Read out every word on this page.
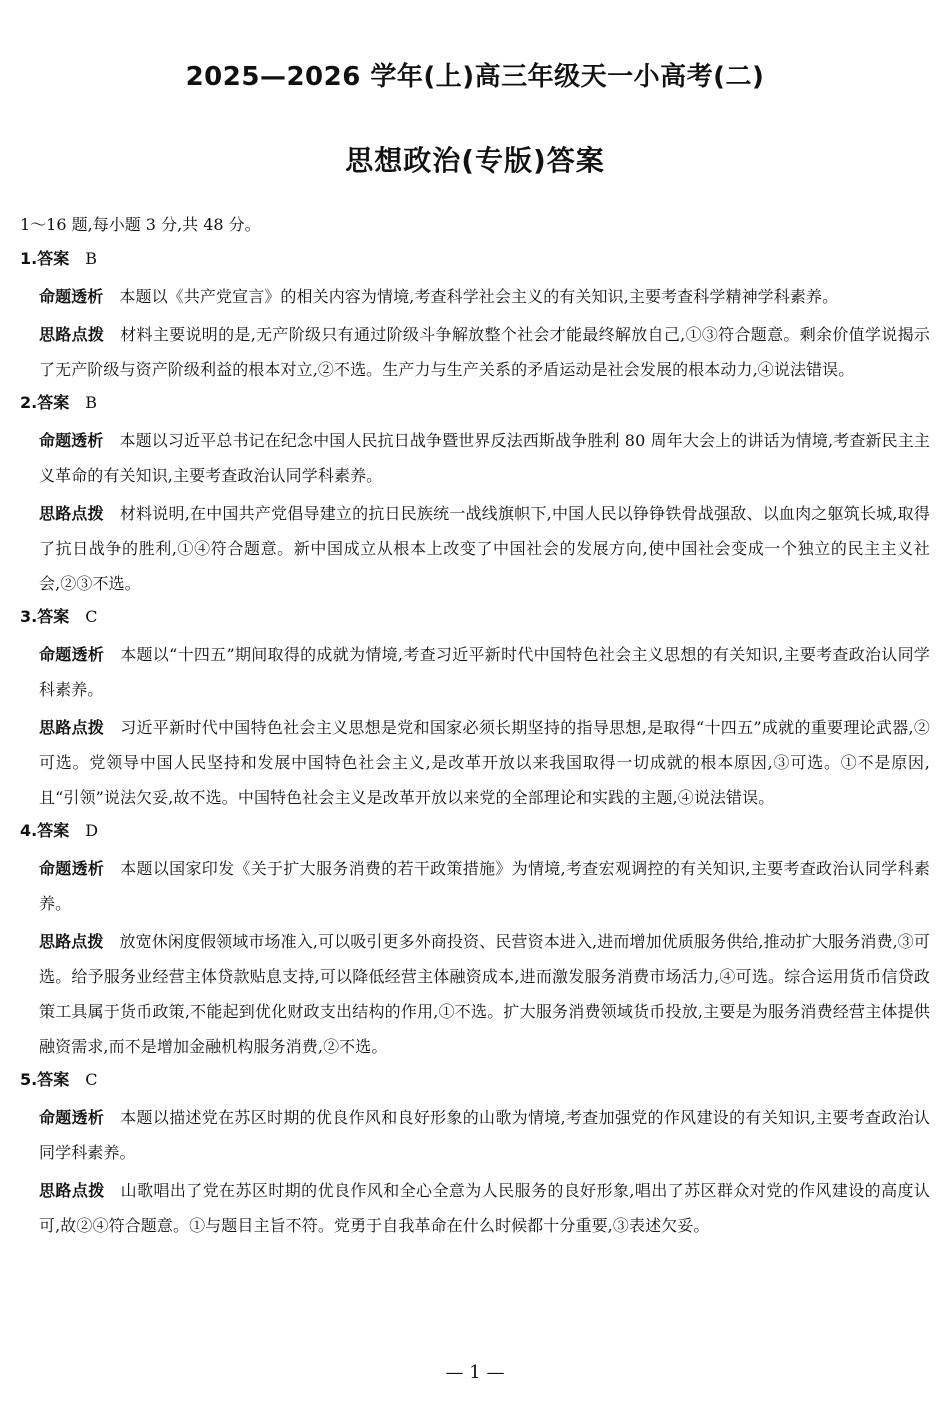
2025—2026 学年(上)高三年级天一小高考(二)
思想政治(专版)答案
1～16 题,每小题 3 分,共 48 分。
1.答案 B
命题透析 本题以《共产党宣言》的相关内容为情境,考查科学社会主义的有关知识,主要考查科学精神学科素养。
思路点拨 材料主要说明的是,无产阶级只有通过阶级斗争解放整个社会才能最终解放自己,①③符合题意。剩余价值学说揭示了无产阶级与资产阶级利益的根本对立,②不选。生产力与生产关系的矛盾运动是社会发展的根本动力,④说法错误。
2.答案 B
命题透析 本题以习近平总书记在纪念中国人民抗日战争暨世界反法西斯战争胜利 80 周年大会上的讲话为情境,考查新民主主义革命的有关知识,主要考查政治认同学科素养。
思路点拨 材料说明,在中国共产党倡导建立的抗日民族统一战线旗帜下,中国人民以铮铮铁骨战强敌、以血肉之躯筑长城,取得了抗日战争的胜利,①④符合题意。新中国成立从根本上改变了中国社会的发展方向,使中国社会变成一个独立的民主主义社会,②③不选。
3.答案 C
命题透析 本题以“十四五”期间取得的成就为情境,考查习近平新时代中国特色社会主义思想的有关知识,主要考查政治认同学科素养。
思路点拨 习近平新时代中国特色社会主义思想是党和国家必须长期坚持的指导思想,是取得“十四五”成就的重要理论武器,②可选。党领导中国人民坚持和发展中国特色社会主义,是改革开放以来我国取得一切成就的根本原因,③可选。①不是原因,且“引领”说法欠妥,故不选。中国特色社会主义是改革开放以来党的全部理论和实践的主题,④说法错误。
4.答案 D
命题透析 本题以国家印发《关于扩大服务消费的若干政策措施》为情境,考查宏观调控的有关知识,主要考查政治认同学科素养。
思路点拨 放宽休闲度假领域市场准入,可以吸引更多外商投资、民营资本进入,进而增加优质服务供给,推动扩大服务消费,③可选。给予服务业经营主体贷款贴息支持,可以降低经营主体融资成本,进而激发服务消费市场活力,④可选。综合运用货币信贷政策工具属于货币政策,不能起到优化财政支出结构的作用,①不选。扩大服务消费领域货币投放,主要是为服务消费经营主体提供融资需求,而不是增加金融机构服务消费,②不选。
5.答案 C
命题透析 本题以描述党在苏区时期的优良作风和良好形象的山歌为情境,考查加强党的作风建设的有关知识,主要考查政治认同学科素养。
思路点拨 山歌唱出了党在苏区时期的优良作风和全心全意为人民服务的良好形象,唱出了苏区群众对党的作风建设的高度认可,故②④符合题意。①与题目主旨不符。党勇于自我革命在什么时候都十分重要,③表述欠妥。
— 1 —
